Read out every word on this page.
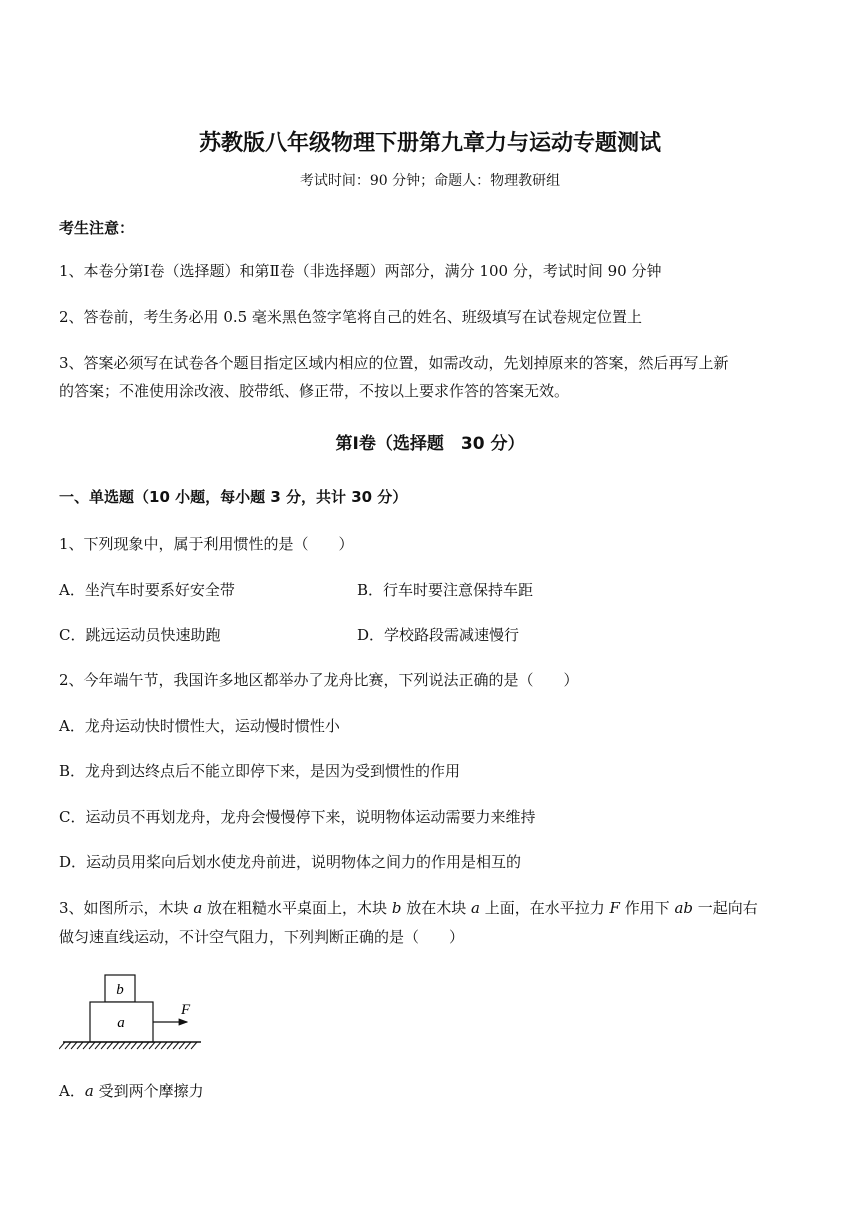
苏教版八年级物理下册第九章力与运动专题测试
考试时间：90 分钟；命题人：物理教研组
考生注意：
1、本卷分第Ⅰ卷（选择题）和第Ⅱ卷（非选择题）两部分，满分 100 分，考试时间 90 分钟
2、答卷前，考生务必用 0.5 毫米黑色签字笔将自己的姓名、班级填写在试卷规定位置上
3、答案必须写在试卷各个题目指定区域内相应的位置，如需改动，先划掉原来的答案，然后再写上新
的答案；不准使用涂改液、胶带纸、修正带，不按以上要求作答的答案无效。
第Ⅰ卷（选择题　30 分）
一、单选题（10 小题，每小题 3 分，共计 30 分）
1、下列现象中，属于利用惯性的是（　　）
A．坐汽车时要系好安全带	B．行车时要注意保持车距
C．跳远运动员快速助跑	D．学校路段需减速慢行
2、今年端午节，我国许多地区都举办了龙舟比赛，下列说法正确的是（　　）
A．龙舟运动快时惯性大，运动慢时惯性小
B．龙舟到达终点后不能立即停下来，是因为受到惯性的作用
C．运动员不再划龙舟，龙舟会慢慢停下来，说明物体运动需要力来维持
D．运动员用桨向后划水使龙舟前进，说明物体之间力的作用是相互的
3、如图所示，木块 a 放在粗糙水平桌面上，木块 b 放在木块 a 上面，在水平拉力 F 作用下 ab 一起向右
做匀速直线运动，不计空气阻力，下列判断正确的是（　　）
b
a
F
A．a 受到两个摩擦力
